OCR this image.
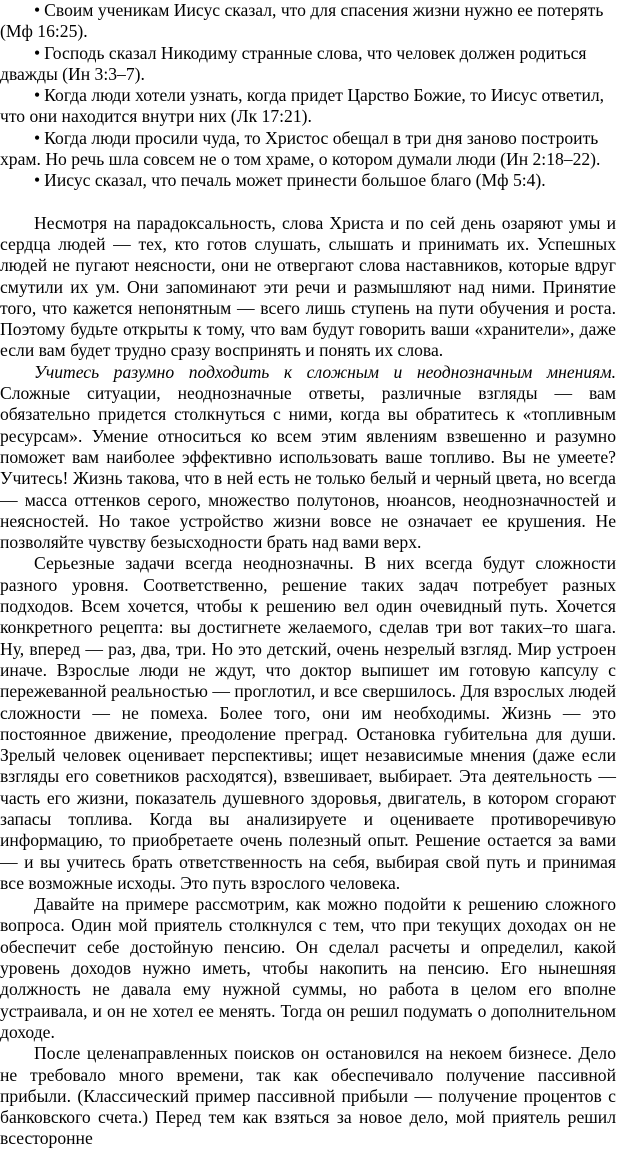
• Своим ученикам Иисус сказал, что для спасения жизни нужно ее потерять (Мф 16:25).

• Господь сказал Никодиму странные слова, что человек должен родиться дважды (Ин 3:3–7).

• Когда люди хотели узнать, когда придет Царство Божие, то Иисус ответил, что они находится внутри них (Лк 17:21).

• Когда люди просили чуда, то Христос обещал в три дня заново построить храм. Но речь шла совсем не о том храме, о котором думали люди (Ин 2:18–22).

• Иисус сказал, что печаль может принести большое благо (Мф 5:4).

Несмотря на парадоксальность, слова Христа и по сей день озаряют умы и сердца людей — тех, кто готов слушать, слышать и принимать их. Успешных людей не пугают неясности, они не отвергают слова наставников, которые вдруг смутили их ум. Они запоминают эти речи и размышляют над ними. Принятие того, что кажется непонятным — всего лишь ступень на пути обучения и роста. Поэтому будьте открыты к тому, что вам будут говорить ваши «хранители», даже если вам будет трудно сразу воспринять и понять их слова.

Учитесь разумно подходить к сложным и неоднозначным мнениям. Сложные ситуации, неоднозначные ответы, различные взгляды — вам обязательно придется столкнуться с ними, когда вы обратитесь к «топливным ресурсам». Умение относиться ко всем этим явлениям взвешенно и разумно поможет вам наиболее эффективно использовать ваше топливо. Вы не умеете? Учитесь! Жизнь такова, что в ней есть не только белый и черный цвета, но всегда — масса оттенков серого, множество полутонов, нюансов, неоднозначностей и неясностей. Но такое устройство жизни вовсе не означает ее крушения. Не позволяйте чувству безысходности брать над вами верх.

Серьезные задачи всегда неоднозначны. В них всегда будут сложности разного уровня. Соответственно, решение таких задач потребует разных подходов. Всем хочется, чтобы к решению вел один очевидный путь. Хочется конкретного рецепта: вы достигнете желаемого, сделав три вот таких–то шага. Ну, вперед — раз, два, три. Но это детский, очень незрелый взгляд. Мир устроен иначе. Взрослые люди не ждут, что доктор выпишет им готовую капсулу с пережеванной реальностью — проглотил, и все свершилось. Для взрослых людей сложности — не помеха. Более того, они им необходимы. Жизнь — это постоянное движение, преодоление преград. Остановка губительна для души. Зрелый человек оценивает перспективы; ищет независимые мнения (даже если взгляды его советников расходятся), взвешивает, выбирает. Эта деятельность — часть его жизни, показатель душевного здоровья, двигатель, в котором сгорают запасы топлива. Когда вы анализируете и оцениваете противоречивую информацию, то приобретаете очень полезный опыт. Решение остается за вами — и вы учитесь брать ответственность на себя, выбирая свой путь и принимая все возможные исходы. Это путь взрослого человека.

Давайте на примере рассмотрим, как можно подойти к решению сложного вопроса. Один мой приятель столкнулся с тем, что при текущих доходах он не обеспечит себе достойную пенсию. Он сделал расчеты и определил, какой уровень доходов нужно иметь, чтобы накопить на пенсию. Его нынешняя должность не давала ему нужной суммы, но работа в целом его вполне устраивала, и он не хотел ее менять. Тогда он решил подумать о дополнительном доходе.

После целенаправленных поисков он остановился на некоем бизнесе. Дело не требовало много времени, так как обеспечивало получение пассивной прибыли. (Классический пример пассивной прибыли — получение процентов с банковского счета.) Перед тем как взяться за новое дело, мой приятель решил всесторонне
